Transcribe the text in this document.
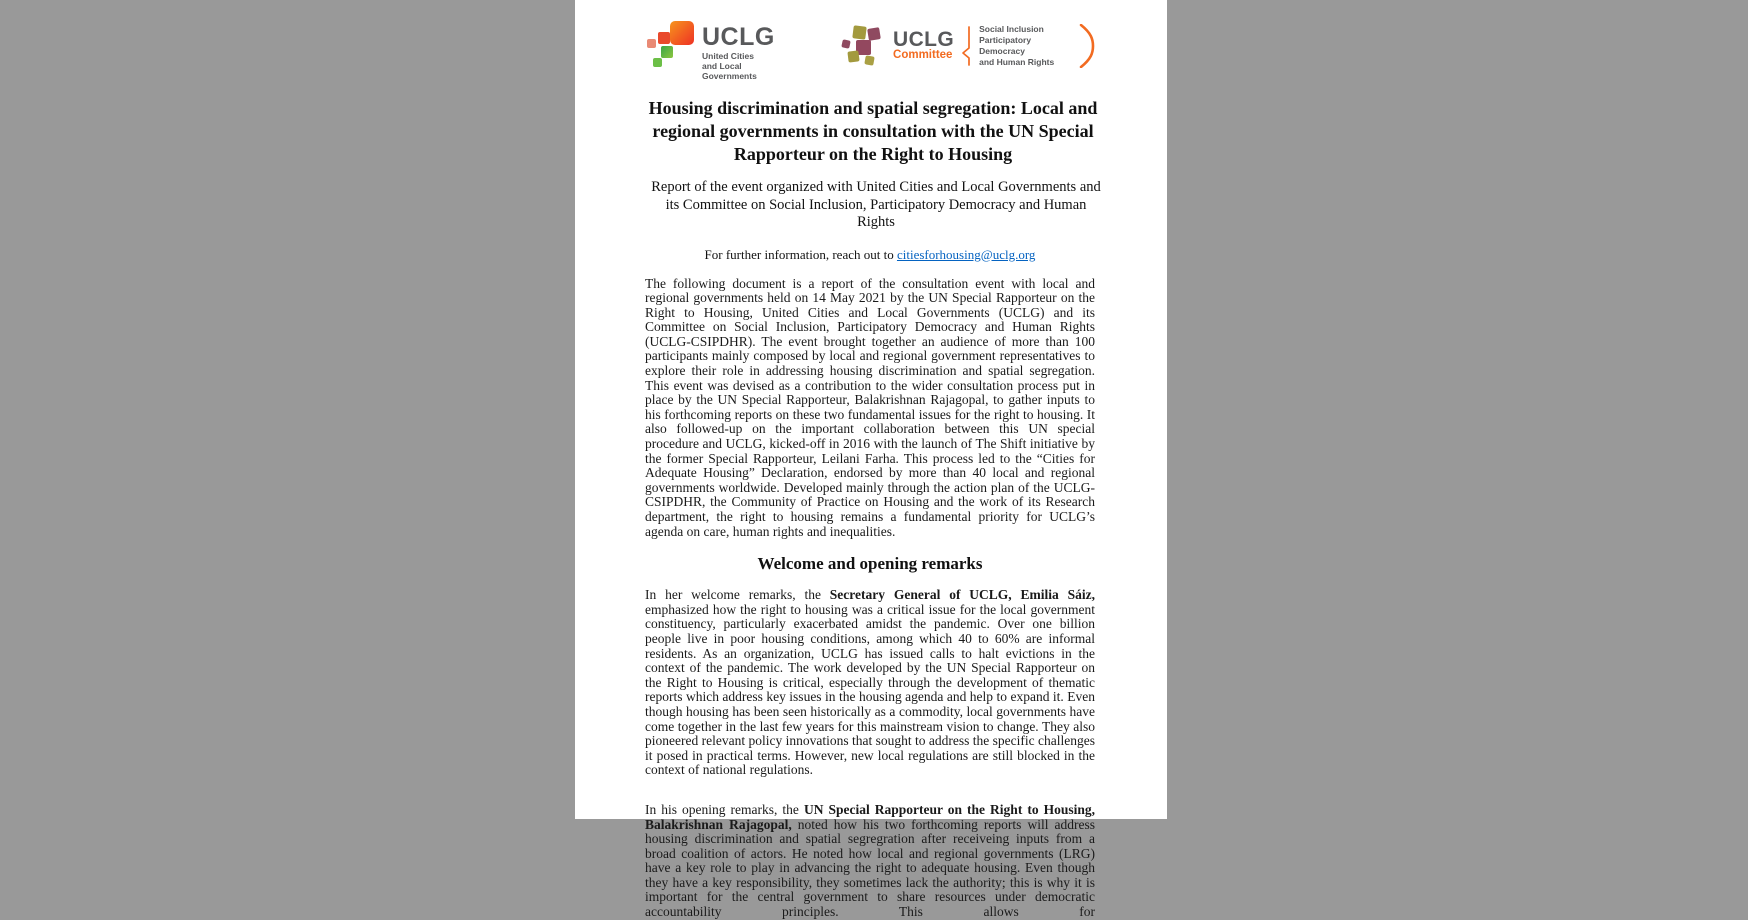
UCLG
United Cities
and Local Governments
UCLG
Committee
Social Inclusion
Participatory Democracy
and Human Rights
Housing discrimination and spatial segregation: Local and regional governments in consultation with the UN Special Rapporteur on the Right to Housing

Report of the event organized with United Cities and Local Governments and its Committee on Social Inclusion, Participatory Democracy and Human Rights

For further information, reach out to citiesforhousing@uclg.org

The following document is a report of the consultation event with local and regional governments held on 14 May 2021 by the UN Special Rapporteur on the Right to Housing, United Cities and Local Governments (UCLG) and its Committee on Social Inclusion, Participatory Democracy and Human Rights (UCLG-CSIPDHR). The event brought together an audience of more than 100 participants mainly composed by local and regional government representatives to explore their role in addressing housing discrimination and spatial segregation. This event was devised as a contribution to the wider consultation process put in place by the UN Special Rapporteur, Balakrishnan Rajagopal, to gather inputs to his forthcoming reports on these two fundamental issues for the right to housing. It also followed-up on the important collaboration between this UN special procedure and UCLG, kicked-off in 2016 with the launch of The Shift initiative by the former Special Rapporteur, Leilani Farha. This process led to the “Cities for Adequate Housing” Declaration, endorsed by more than 40 local and regional governments worldwide. Developed mainly through the action plan of the UCLG-CSIPDHR, the Community of Practice on Housing and the work of its Research department, the right to housing remains a fundamental priority for UCLG’s agenda on care, human rights and inequalities.

Welcome and opening remarks

In her welcome remarks, the Secretary General of UCLG, Emilia Sáiz, emphasized how the right to housing was a critical issue for the local government constituency, particularly exacerbated amidst the pandemic. Over one billion people live in poor housing conditions, among which 40 to 60% are informal residents. As an organization, UCLG has issued calls to halt evictions in the context of the pandemic. The work developed by the UN Special Rapporteur on the Right to Housing is critical, especially through the development of thematic reports which address key issues in the housing agenda and help to expand it. Even though housing has been seen historically as a commodity, local governments have come together in the last few years for this mainstream vision to change. They also pioneered relevant policy innovations that sought to address the specific challenges it posed in practical terms. However, new local regulations are still blocked in the context of national regulations.

In his opening remarks, the UN Special Rapporteur on the Right to Housing, Balakrishnan Rajagopal, noted how his two forthcoming reports will address housing discrimination and spatial segregration after receiveing inputs from a broad coalition of actors. He noted how local and regional governments (LRG) have a key role to play in advancing the right to adequate housing. Even though they have a key responsibility, they sometimes lack the authority; this is why it is important for the central government to share resources under democratic accountability principles. This allows for
